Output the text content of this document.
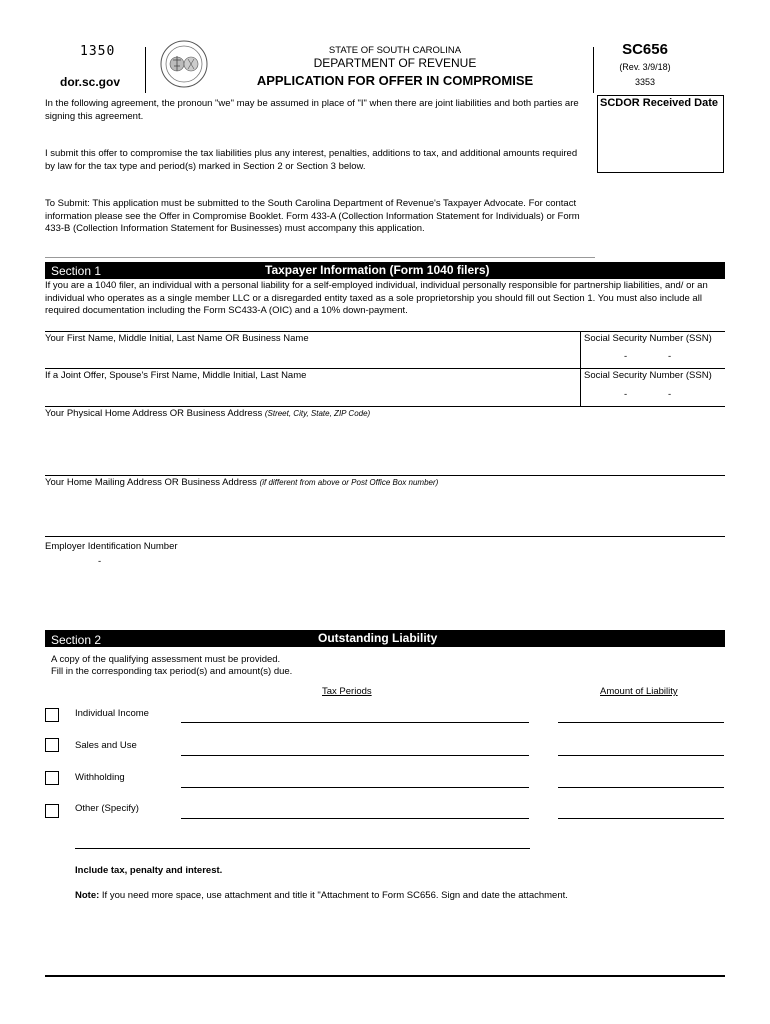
1350
dor.sc.gov
STATE OF SOUTH CAROLINA
DEPARTMENT OF REVENUE
APPLICATION FOR OFFER IN COMPROMISE
SC656
(Rev. 3/9/18)
3353
SCDOR Received Date
In the following agreement, the pronoun "we" may be assumed in place of "I" when there are joint liabilities and both parties are signing this agreement.
I submit this offer to compromise the tax liabilities plus any interest, penalties, additions to tax, and additional amounts required by law for the tax type and period(s) marked in Section 2 or Section 3 below.
To Submit: This application must be submitted to the South Carolina Department of Revenue's Taxpayer Advocate. For contact information please see the Offer in Compromise Booklet. Form 433-A (Collection Information Statement for Individuals) or Form 433-B (Collection Information Statement for Businesses) must accompany this application.
Section 1	Taxpayer Information (Form 1040 filers)
If you are a 1040 filer, an individual with a personal liability for a self-employed individual, individual personally responsible for partnership liabilities, and/ or an individual who operates as a single member LLC or a disregarded entity taxed as a sole proprietorship you should fill out Section 1. You must also include all required documentation including the Form SC433-A (OIC) and a 10% down-payment.
Your First Name, Middle Initial, Last Name OR Business Name	Social Security Number (SSN)
-	-
If a Joint Offer, Spouse's First Name, Middle Initial, Last Name	Social Security Number (SSN)
-	-
Your Physical Home Address OR Business Address (Street, City, State, ZIP Code)
Your Home Mailing Address OR Business Address (if different from above or Post Office Box number)
Employer Identification Number
-
Section 2	Outstanding Liability
A copy of the qualifying assessment must be provided.
Fill in the corresponding tax period(s) and amount(s) due.
Tax Periods	Amount of Liability
Individual Income
Sales and Use
Withholding
Other (Specify)
Include tax, penalty and interest.
Note: If you need more space, use attachment and title it "Attachment to Form SC656. Sign and date the attachment.
